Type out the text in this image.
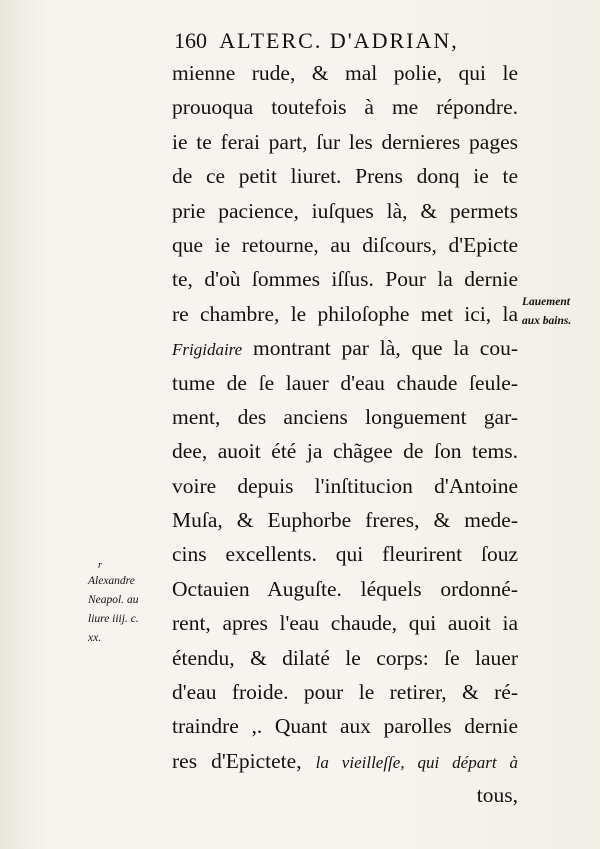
160 ALTERC. D'ADRIAN,
mienne rude, & mal polie, qui le
prouoqua toutefois à me répondre.
ie te ferai part, ſur les dernieres pages
de ce petit liuret. Prens donq ie te
prie pacience, iuſques là, & permets
que ie retourne, au diſcours, d'Epicte
te, d'où ſommes iſſus. Pour la dernie
re chambre, le philoſophe met ici, la
Frigidaire montrant par là, que la cou-
tume de ſe lauer d'eau chaude ſeule-
ment, des anciens longuement gar-
dee, auoit été ja chãgee de ſon tems.
voire depuis l'inſtitucion d'Antoine
Muſa, & Euphorbe freres, & mede-
cins excellents. qui fleurirent ſouz
Octauien Auguſte. léquels ordonné-
rent, apres l'eau chaude, qui auoit ia
étendu, & dilaté le corps: ſe lauer
d'eau froide. pour le retirer, & ré-
traindre ,. Quant aux parolles dernie
res d'Epictete, la vieilleſſe, qui départ à
tous,
Lauement
aux bains.
r
Alexandre
Neapol. au
liure iiij. c.
xx.
